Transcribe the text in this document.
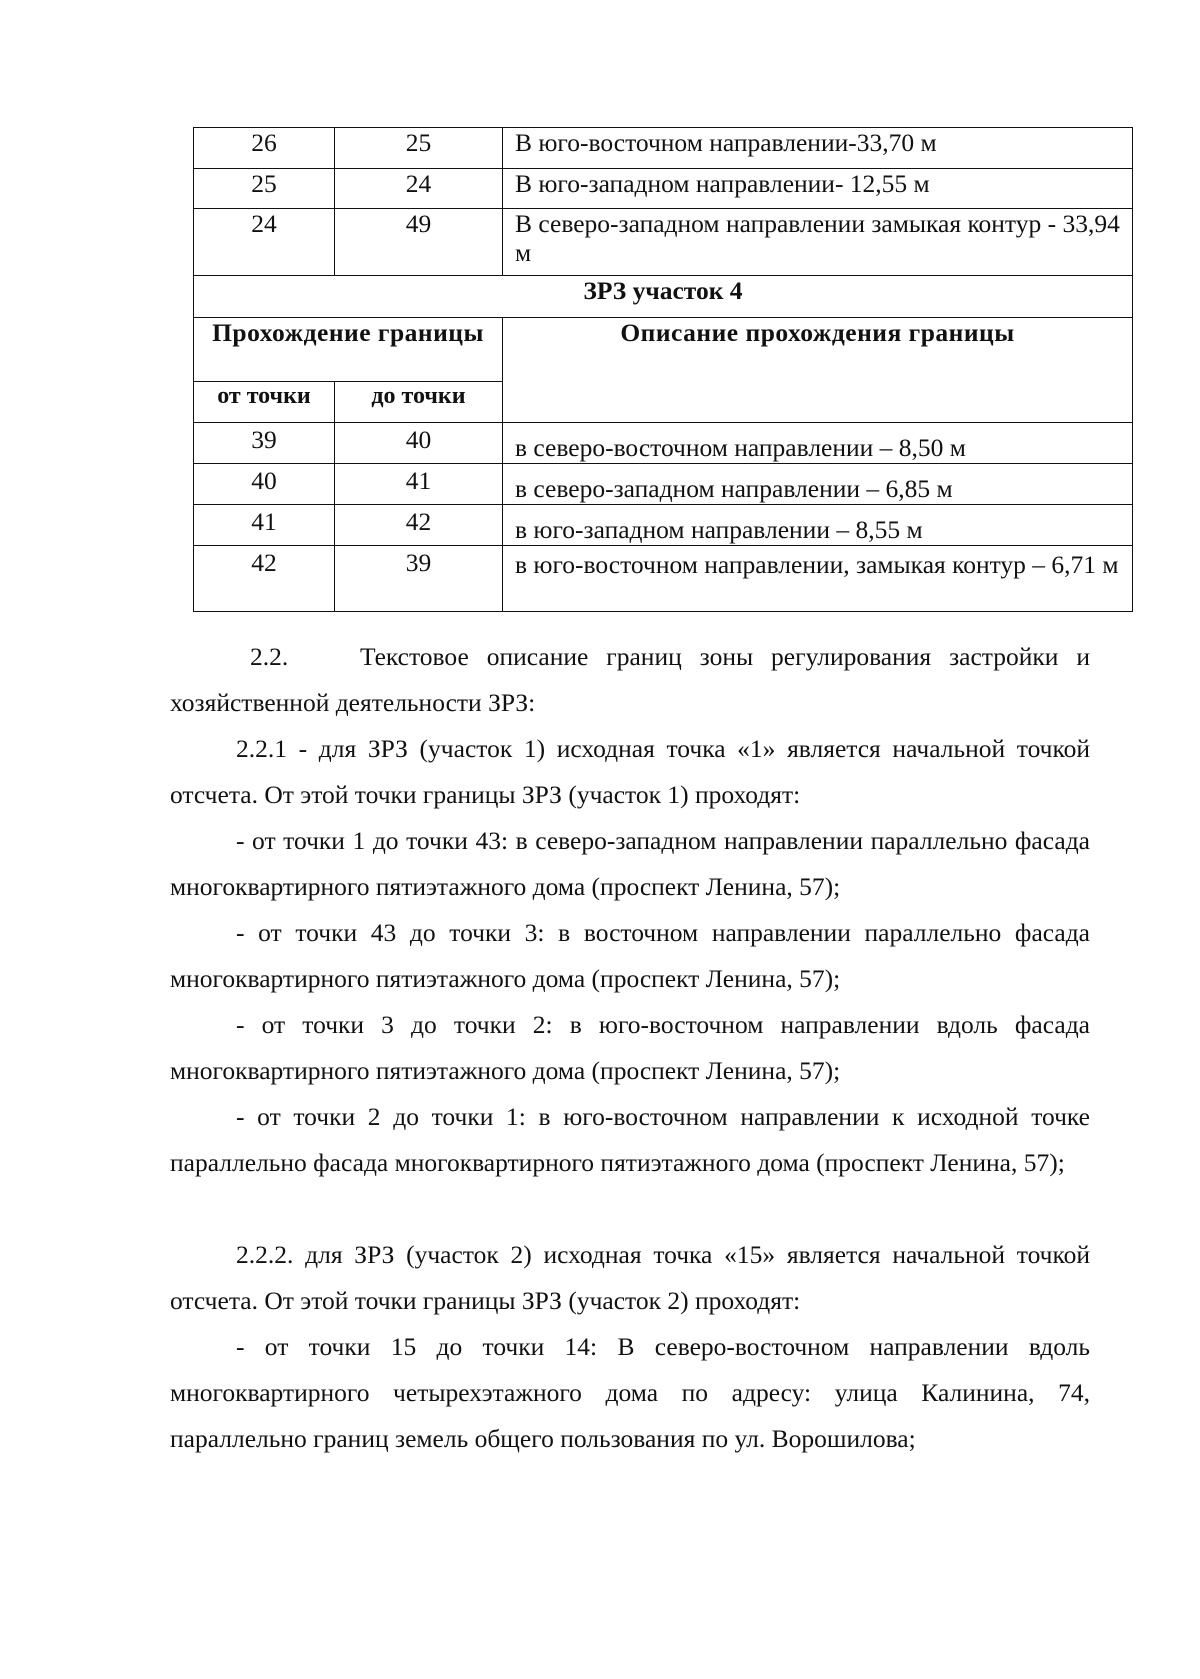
26	25	В юго-восточном направлении-33,70 м
25	24	В юго-западном направлении- 12,55 м
24	49	В северо-западном направлении замыкая контур - 33,94 м
ЗРЗ участок 4		
Прохождение границы		Описание прохождения границы
от точки	до точки	
39	40	в северо-восточном направлении – 8,50 м
40	41	в северо-западном направлении – 6,85 м
41	42	в юго-западном направлении – 8,55 м
42	39	в юго-восточном направлении, замыкая контур – 6,71 м

2.2.    Текстовое описание границ зоны регулирования застройки и хозяйственной деятельности ЗРЗ:

2.2.1 - для ЗРЗ (участок 1) исходная точка «1» является начальной точкой отсчета. От этой точки границы ЗРЗ (участок 1) проходят:

- от точки 1 до точки 43: в северо-западном направлении параллельно фасада многоквартирного пятиэтажного дома (проспект Ленина, 57);

- от точки 43 до точки 3: в восточном направлении параллельно фасада многоквартирного пятиэтажного дома (проспект Ленина, 57);

- от точки 3 до точки 2: в юго-восточном направлении вдоль фасада многоквартирного пятиэтажного дома (проспект Ленина, 57);

- от точки 2 до точки 1: в юго-восточном направлении к исходной точке параллельно фасада многоквартирного пятиэтажного дома (проспект Ленина, 57);

2.2.2. для ЗРЗ (участок 2) исходная точка «15» является начальной точкой отсчета. От этой точки границы ЗРЗ (участок 2) проходят:

- от точки 15 до точки 14: В северо-восточном направлении вдоль многоквартирного четырехэтажного дома по адресу: улица Калинина, 74, параллельно границ земель общего пользования по ул. Ворошилова;
